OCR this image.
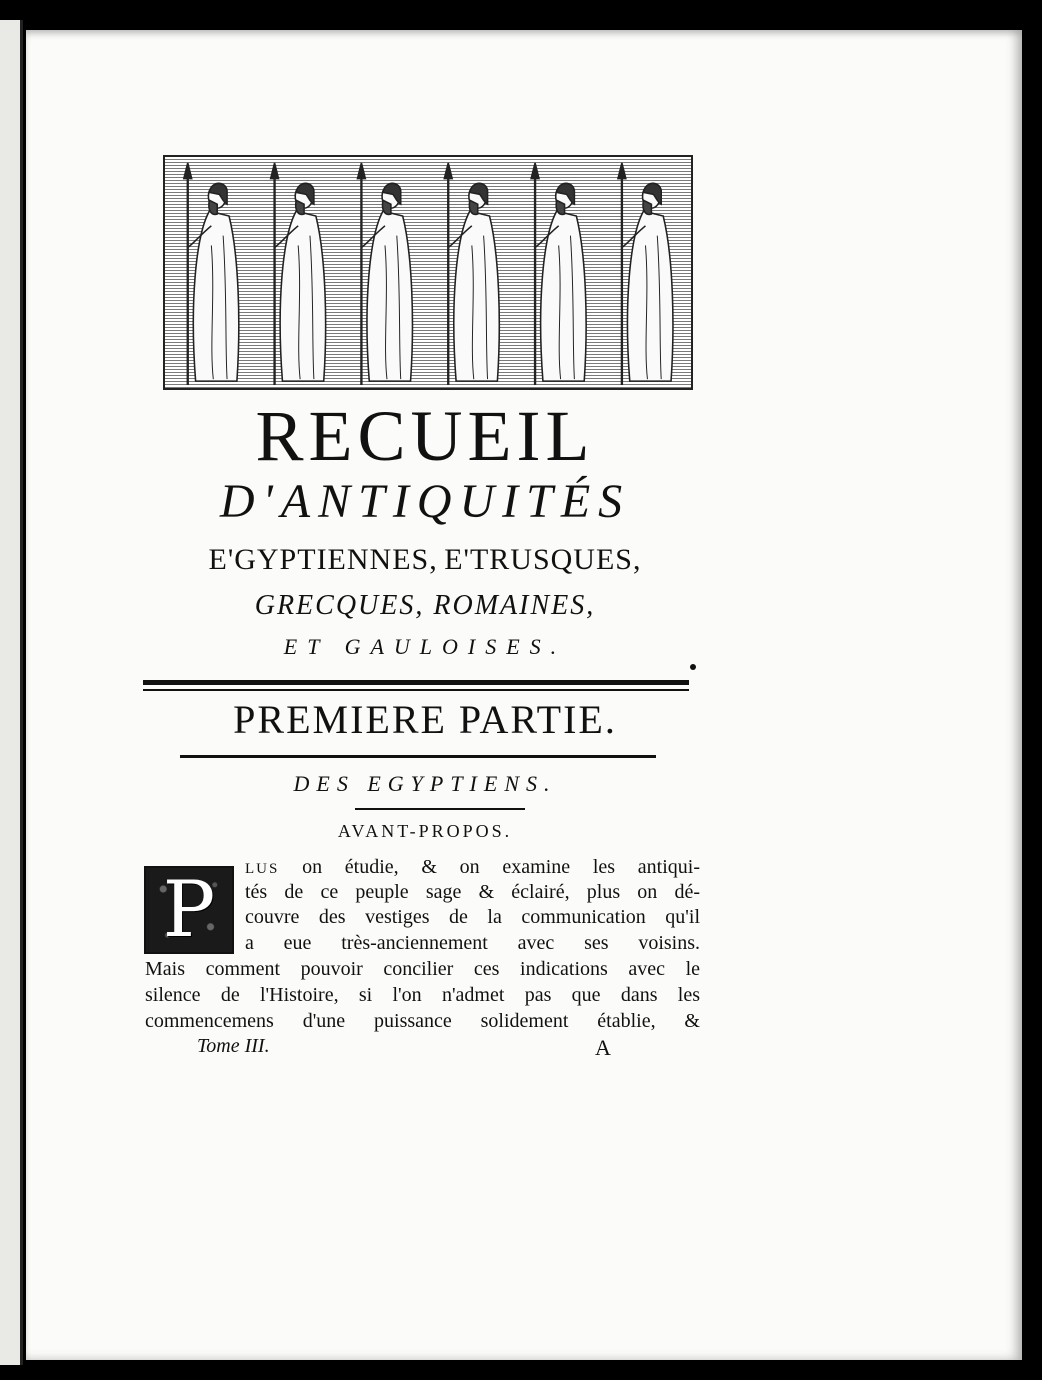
RECUEIL
D'ANTIQUITÉS
E'GYPTIENNES, E'TRUSQUES,
GRECQUES, ROMAINES,
ET GAULOISES.
PREMIERE PARTIE.
DES EGYPTIENS.
AVANT-PROPOS.
P LUS on étudie, & on examine les antiqui-
tés de ce peuple sage & éclairé, plus on dé-
couvre des vestiges de la communication qu'il
a eue très-anciennement avec ses voisins.
Mais comment pouvoir concilier ces indications avec le
silence de l'Histoire, si l'on n'admet pas que dans les
commencemens d'une puissance solidement établie, &
Tome III.	A
